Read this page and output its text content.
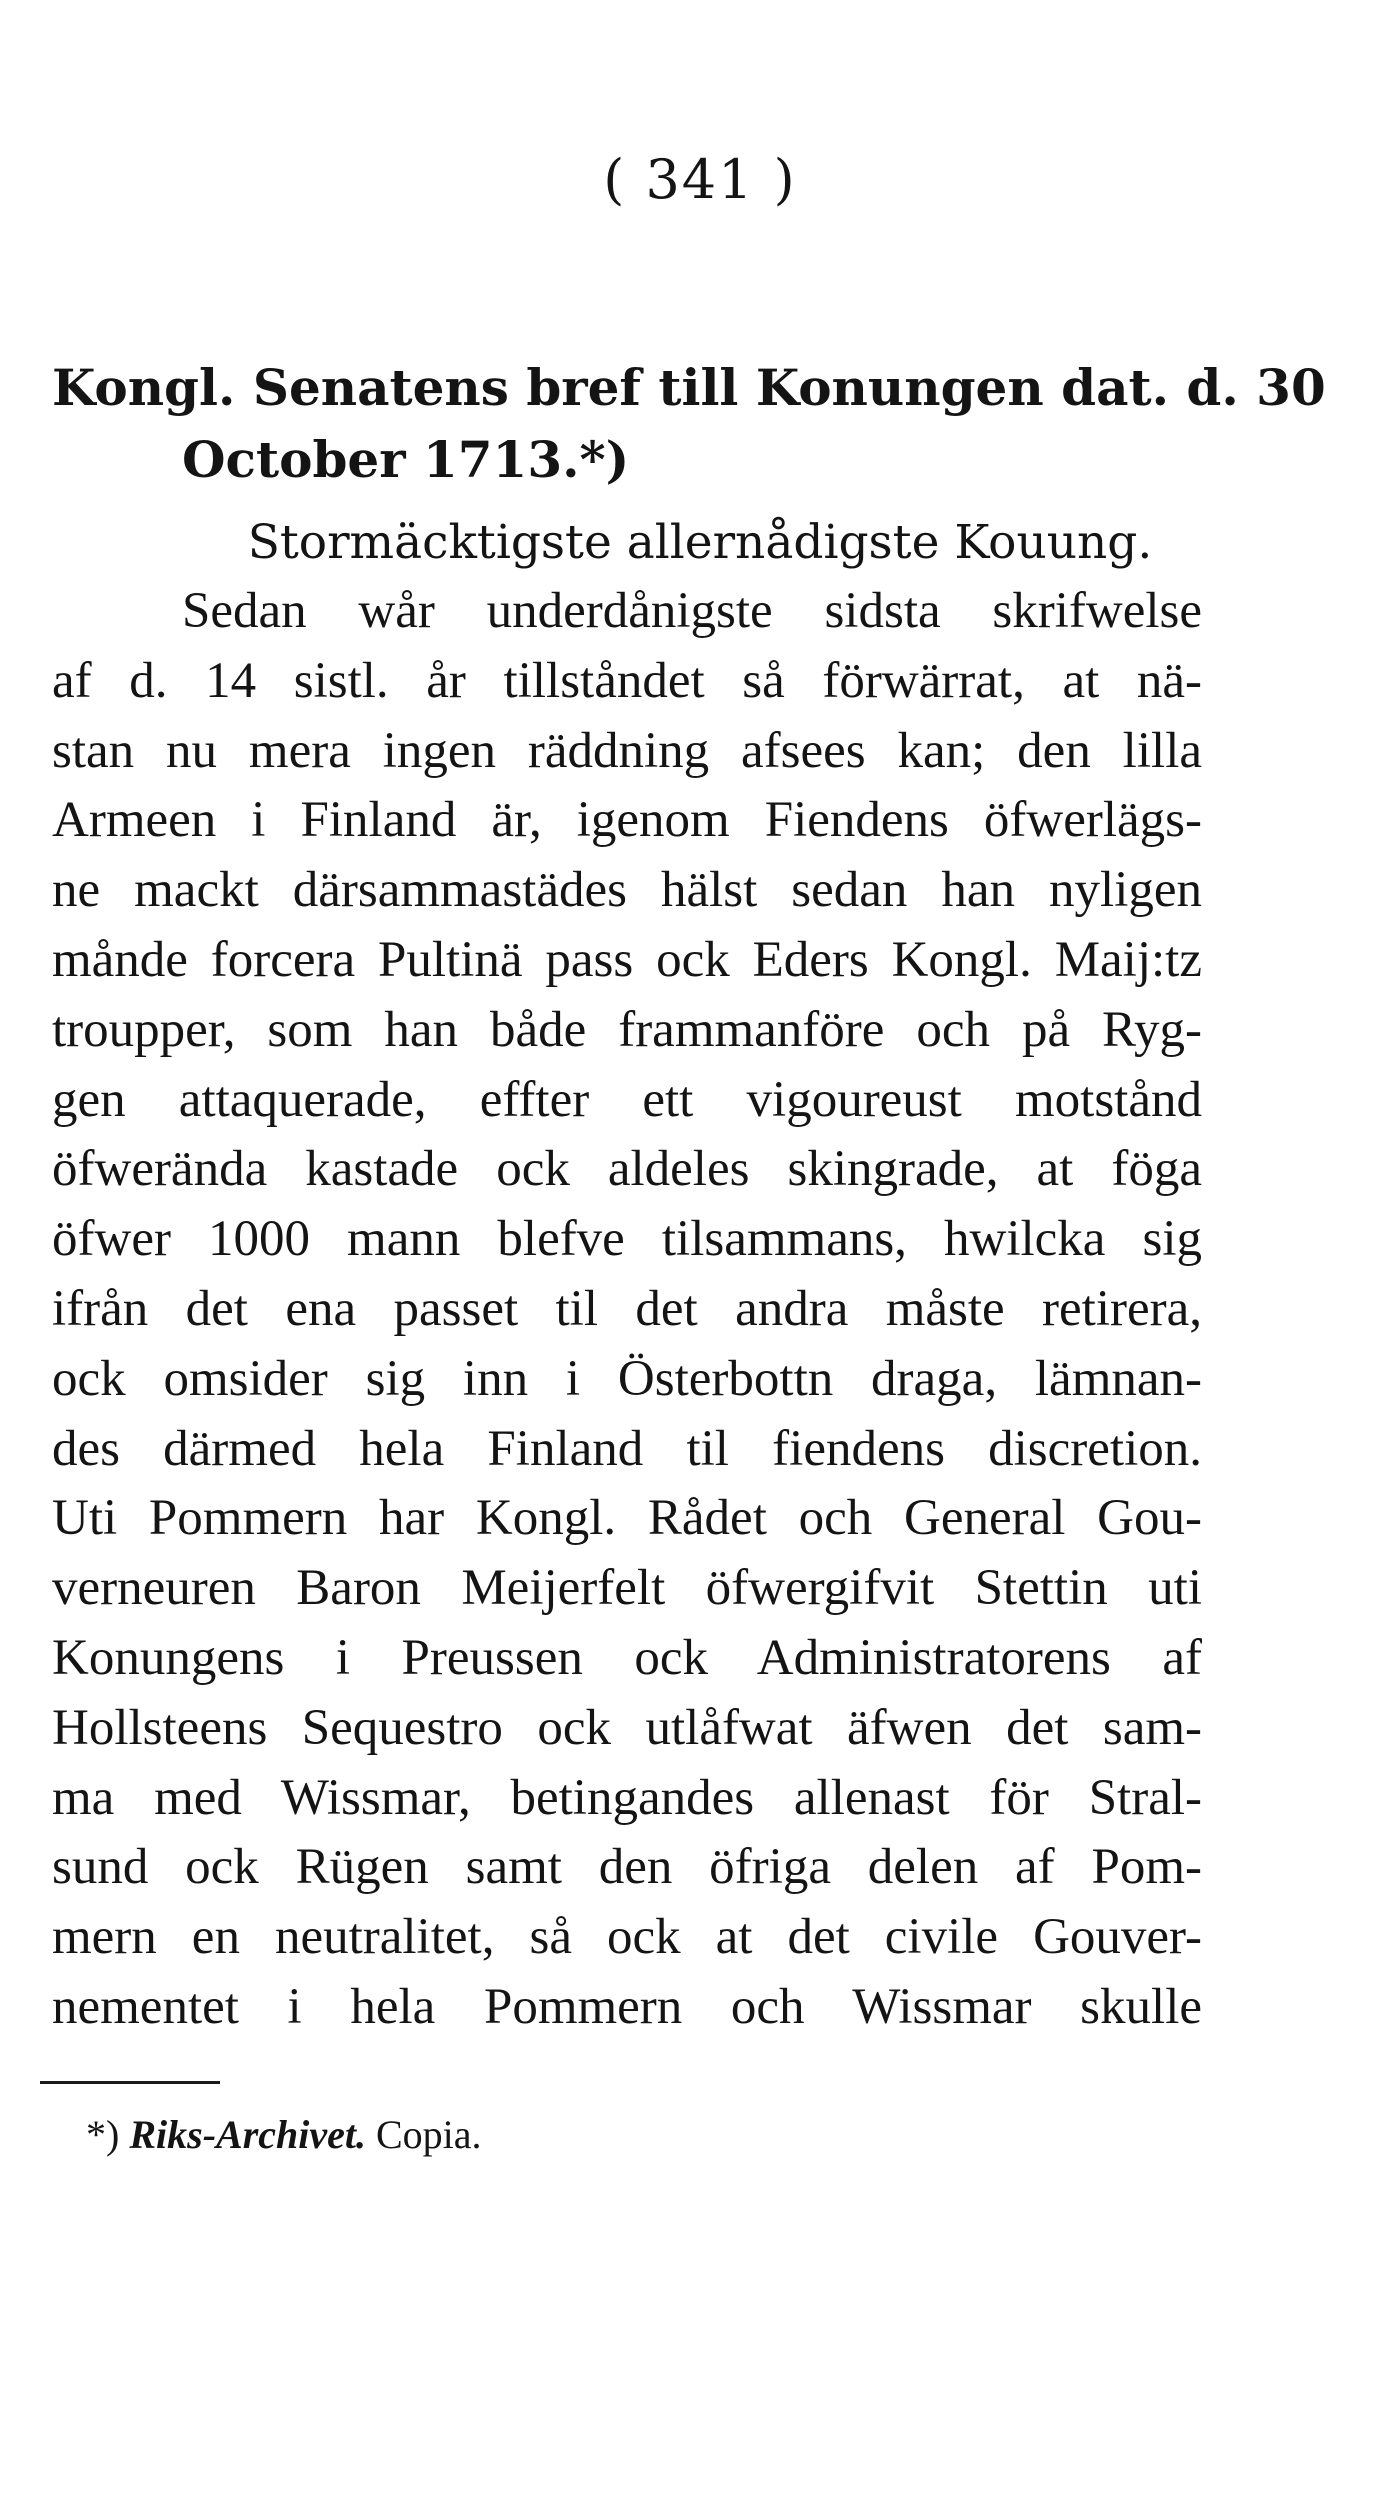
( 341 )
Kongl. Senatens bref till Konungen dat. d. 30
October 1713.*)
Stormäcktigste allernådigste Kouung.
Sedan wår underdånigste sidsta skrifwelse
af d. 14 sistl. år tillståndet så förwärrat, at nä-
stan nu mera ingen räddning afsees kan; den lilla
Armeen i Finland är, igenom Fiendens öfwerlägs-
ne mackt därsammastädes hälst sedan han nyligen
månde forcera Pultinä pass ock Eders Kongl. Maij:tz
troupper, som han både frammanföre och på Ryg-
gen attaquerade, effter ett vigoureust motstånd
öfwerända kastade ock aldeles skingrade, at föga
öfwer 1000 mann blefve tilsammans, hwilcka sig
ifrån det ena passet til det andra måste retirera,
ock omsider sig inn i Österbottn draga, lämnan-
des därmed hela Finland til fiendens discretion.
Uti Pommern har Kongl. Rådet och General Gou-
verneuren Baron Meijerfelt öfwergifvit Stettin uti
Konungens i Preussen ock Administratorens af
Hollsteens Sequestro ock utlåfwat äfwen det sam-
ma med Wissmar, betingandes allenast för Stral-
sund ock Rügen samt den öfriga delen af Pom-
mern en neutralitet, så ock at det civile Gouver-
nementet i hela Pommern och Wissmar skulle
*) Riks-Archivet. Copia.
